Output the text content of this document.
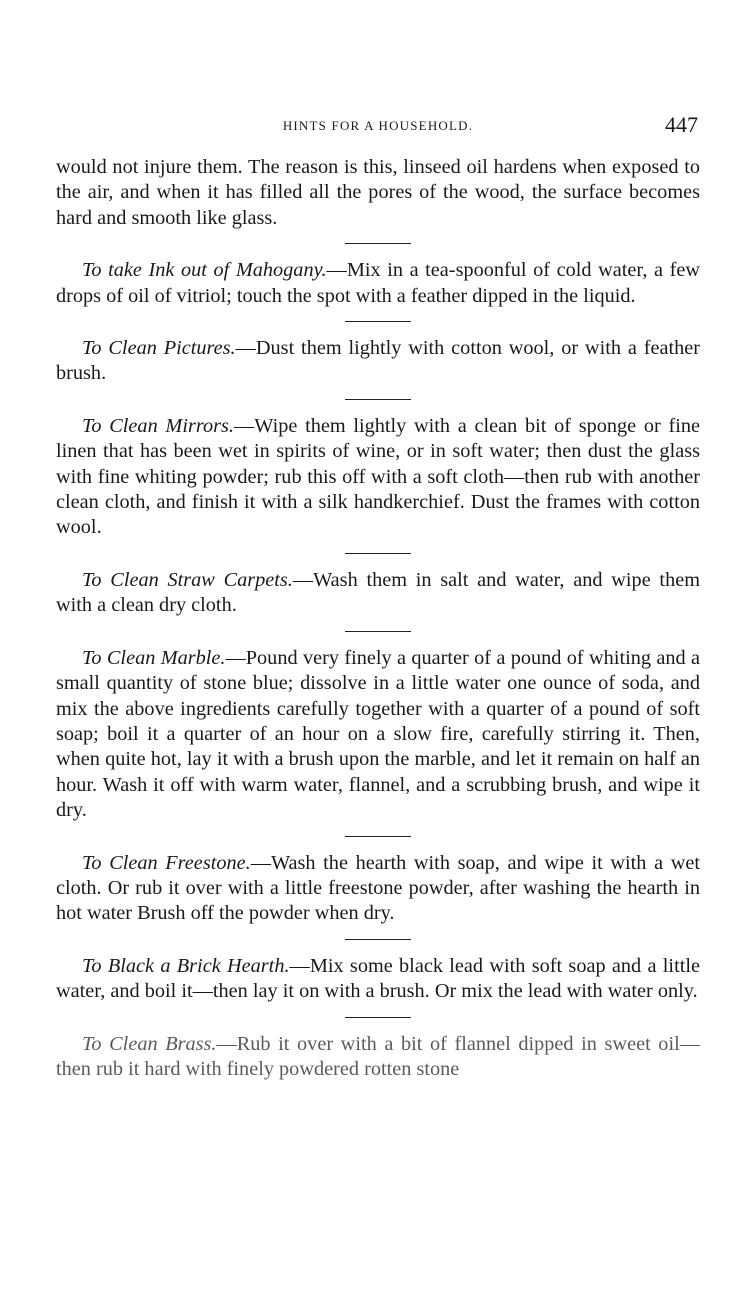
HINTS FOR A HOUSEHOLD.	447

would not injure them. The reason is this, linseed oil hardens when exposed to the air, and when it has filled all the pores of the wood, the surface becomes hard and smooth like glass.

To take Ink out of Mahogany.—Mix in a tea-spoonful of cold water, a few drops of oil of vitriol; touch the spot with a feather dipped in the liquid.

To Clean Pictures.—Dust them lightly with cotton wool, or with a feather brush.

To Clean Mirrors.—Wipe them lightly with a clean bit of sponge or fine linen that has been wet in spirits of wine, or in soft water; then dust the glass with fine whiting powder; rub this off with a soft cloth—then rub with another clean cloth, and finish it with a silk handkerchief. Dust the frames with cotton wool.

To Clean Straw Carpets.—Wash them in salt and water, and wipe them with a clean dry cloth.

To Clean Marble.—Pound very finely a quarter of a pound of whiting and a small quantity of stone blue; dissolve in a little water one ounce of soda, and mix the above ingredients carefully together with a quarter of a pound of soft soap; boil it a quarter of an hour on a slow fire, carefully stirring it. Then, when quite hot, lay it with a brush upon the marble, and let it remain on half an hour. Wash it off with warm water, flannel, and a scrubbing brush, and wipe it dry.

To Clean Freestone.—Wash the hearth with soap, and wipe it with a wet cloth. Or rub it over with a little freestone powder, after washing the hearth in hot water Brush off the powder when dry.

To Black a Brick Hearth.—Mix some black lead with soft soap and a little water, and boil it—then lay it on with a brush. Or mix the lead with water only.

To Clean Brass.—Rub it over with a bit of flannel dipped in sweet oil—then rub it hard with finely powdered rotten stone
